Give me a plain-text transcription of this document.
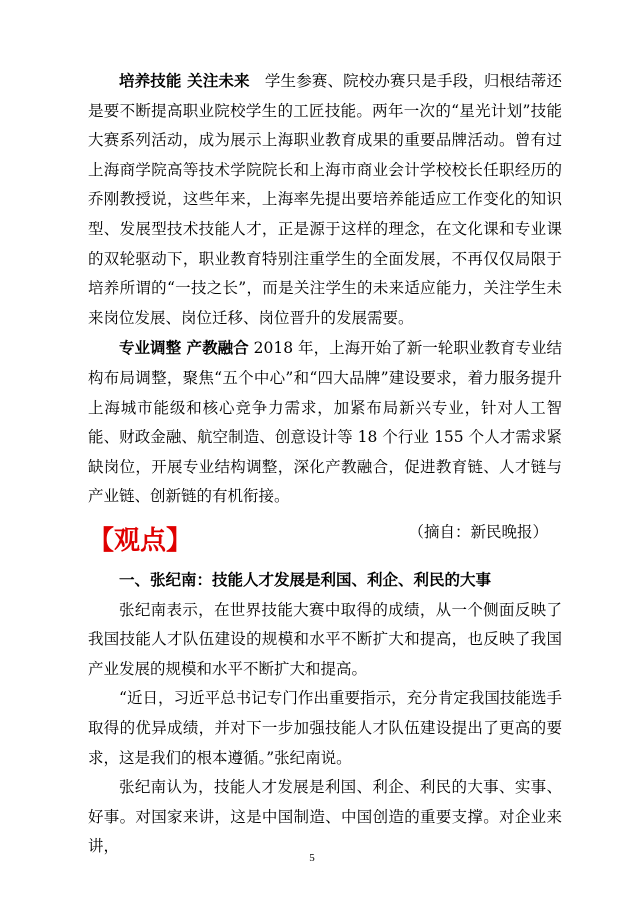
培养技能 关注未来 学生参赛、院校办赛只是手段，归根结蒂还是要不断提高职业院校学生的工匠技能。两年一次的“星光计划”技能大赛系列活动，成为展示上海职业教育成果的重要品牌活动。曾有过上海商学院高等技术学院院长和上海市商业会计学校校长任职经历的乔刚教授说，这些年来，上海率先提出要培养能适应工作变化的知识型、发展型技术技能人才，正是源于这样的理念，在文化课和专业课的双轮驱动下，职业教育特别注重学生的全面发展，不再仅仅局限于培养所谓的“一技之长”，而是关注学生的未来适应能力，关注学生未来岗位发展、岗位迁移、岗位晋升的发展需要。

专业调整 产教融合 2018 年，上海开始了新一轮职业教育专业结构布局调整，聚焦“五个中心”和“四大品牌”建设要求，着力服务提升上海城市能级和核心竞争力需求，加紧布局新兴专业，针对人工智能、财政金融、航空制造、创意设计等 18 个行业 155 个人才需求紧缺岗位，开展专业结构调整，深化产教融合，促进教育链、人才链与产业链、创新链的有机衔接。

（摘自：新民晚报）

【观点】

一、张纪南：技能人才发展是利国、利企、利民的大事

张纪南表示，在世界技能大赛中取得的成绩，从一个侧面反映了我国技能人才队伍建设的规模和水平不断扩大和提高，也反映了我国产业发展的规模和水平不断扩大和提高。

“近日，习近平总书记专门作出重要指示，充分肯定我国技能选手取得的优异成绩，并对下一步加强技能人才队伍建设提出了更高的要求，这是我们的根本遵循。”张纪南说。

张纪南认为，技能人才发展是利国、利企、利民的大事、实事、好事。对国家来讲，这是中国制造、中国创造的重要支撑。对企业来讲，

5
